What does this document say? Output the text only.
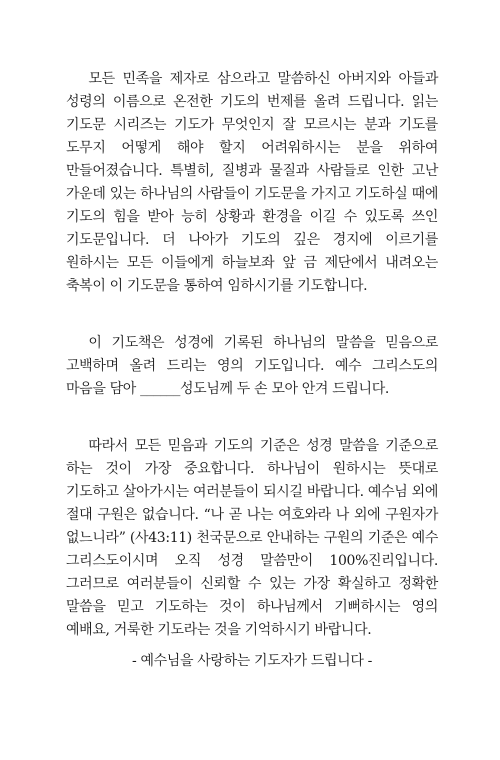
모든 민족을 제자로 삼으라고 말씀하신 아버지와 아들과 성령의 이름으로 온전한 기도의 번제를 올려 드립니다. 읽는 기도문 시리즈는 기도가 무엇인지 잘 모르시는 분과 기도를 도무지 어떻게 해야 할지 어려워하시는 분을 위하여 만들어졌습니다. 특별히, 질병과 물질과 사람들로 인한 고난 가운데 있는 하나님의 사람들이 기도문을 가지고 기도하실 때에 기도의 힘을 받아 능히 상황과 환경을 이길 수 있도록 쓰인 기도문입니다. 더 나아가 기도의 깊은 경지에 이르기를 원하시는 모든 이들에게 하늘보좌 앞 금 제단에서 내려오는 축복이 이 기도문을 통하여 임하시기를 기도합니다.

이 기도책은 성경에 기록된 하나님의 말씀을 믿음으로 고백하며 올려 드리는 영의 기도입니다. 예수 그리스도의 마음을 담아 ______성도님께 두 손 모아 안겨 드립니다.

따라서 모든 믿음과 기도의 기준은 성경 말씀을 기준으로 하는 것이 가장 중요합니다. 하나님이 원하시는 뜻대로 기도하고 살아가시는 여러분들이 되시길 바랍니다. 예수님 외에 절대 구원은 없습니다. “나 곧 나는 여호와라 나 외에 구원자가 없느니라” (사43:11) 천국문으로 안내하는 구원의 기준은 예수 그리스도이시며 오직 성경 말씀만이 100%진리입니다. 그러므로 여러분들이 신뢰할 수 있는 가장 확실하고 정확한 말씀을 믿고 기도하는 것이 하나님께서 기뻐하시는 영의 예배요, 거룩한 기도라는 것을 기억하시기 바랍니다.

- 예수님을 사랑하는 기도자가 드립니다 -
